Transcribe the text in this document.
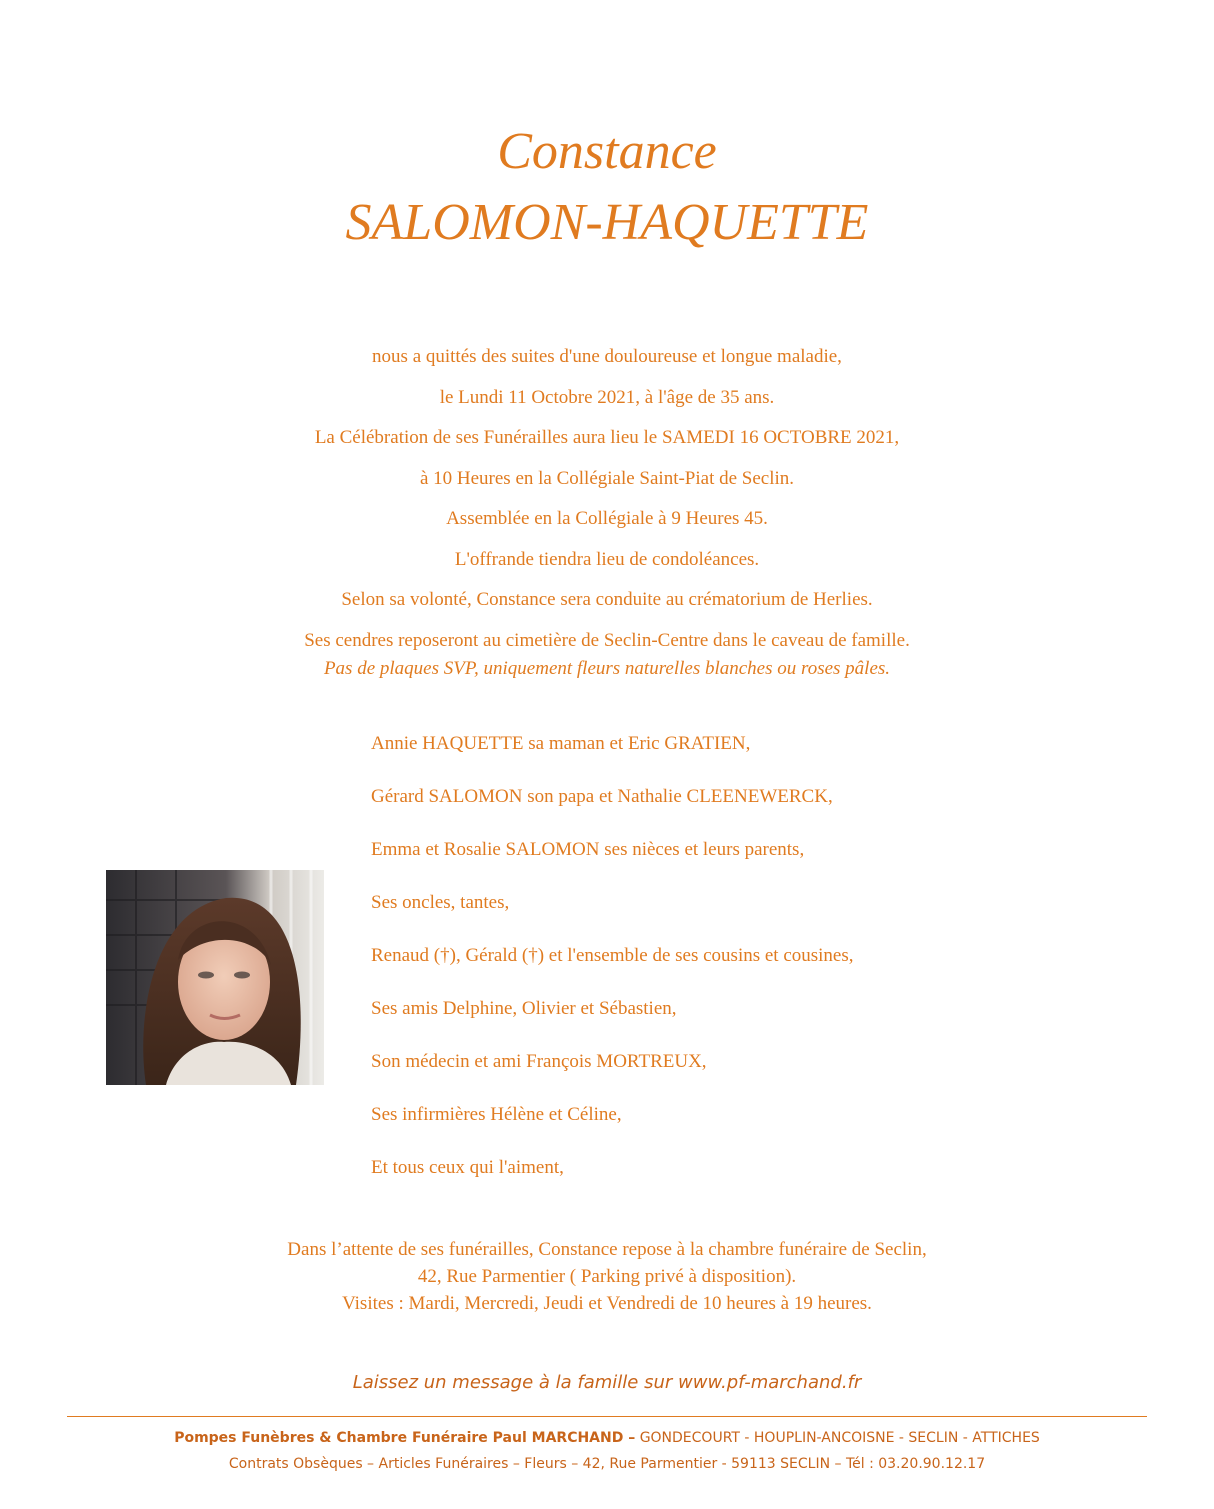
Constance
SALOMON-HAQUETTE
nous a quittés des suites d'une douloureuse et longue maladie,
le Lundi 11 Octobre 2021, à l'âge de 35 ans.
La Célébration de ses Funérailles aura lieu le SAMEDI 16 OCTOBRE 2021,
à 10 Heures en la Collégiale Saint-Piat de Seclin.
Assemblée en la Collégiale à 9 Heures 45.
L'offrande tiendra lieu de condoléances.
Selon sa volonté, Constance sera conduite au crématorium de Herlies.
Ses cendres reposeront au cimetière de Seclin-Centre dans le caveau de famille.
Pas de plaques SVP, uniquement fleurs naturelles blanches ou roses pâles.
Annie HAQUETTE sa maman et Eric GRATIEN,
Gérard SALOMON son papa et Nathalie CLEENEWERCK,
Emma et Rosalie SALOMON ses nièces et leurs parents,
Ses oncles, tantes,
Renaud (†), Gérald (†) et l'ensemble de ses cousins et cousines,
Ses amis Delphine, Olivier et Sébastien,
Son médecin et ami François MORTREUX,
Ses infirmières Hélène et Céline,
Et tous ceux qui l'aiment,
Dans l’attente de ses funérailles, Constance repose à la chambre funéraire de Seclin,
42, Rue Parmentier ( Parking privé à disposition).
Visites : Mardi, Mercredi, Jeudi et Vendredi de 10 heures à 19 heures.
Laissez un message à la famille sur www.pf-marchand.fr
Pompes Funèbres & Chambre Funéraire Paul MARCHAND – GONDECOURT - HOUPLIN-ANCOISNE - SECLIN - ATTICHES
Contrats Obsèques – Articles Funéraires – Fleurs – 42, Rue Parmentier - 59113 SECLIN – Tél : 03.20.90.12.17
